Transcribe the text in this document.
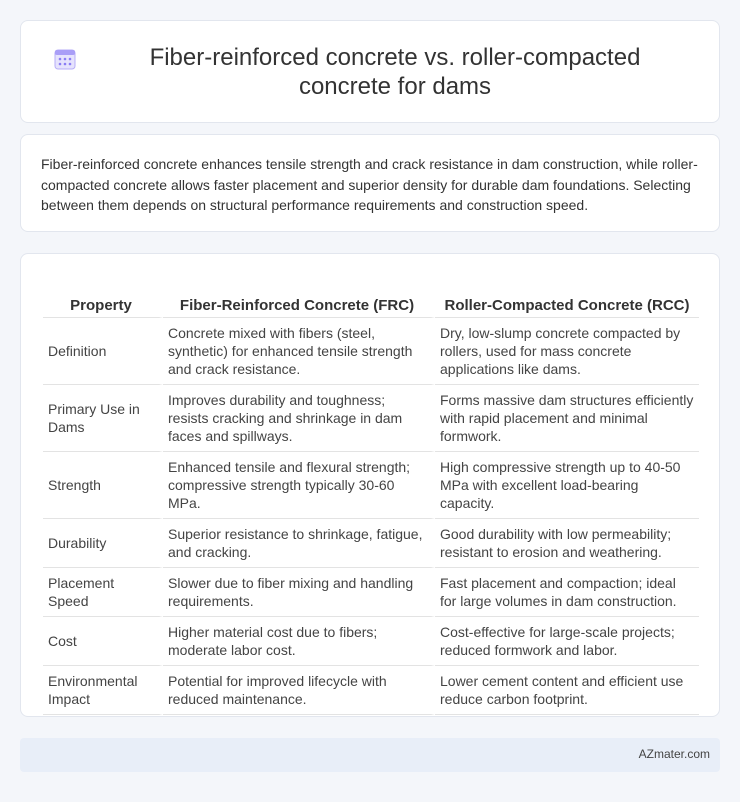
Fiber-reinforced concrete vs. roller-compacted concrete for dams

Fiber-reinforced concrete enhances tensile strength and crack resistance in dam construction, while roller-compacted concrete allows faster placement and superior density for durable dam foundations. Selecting between them depends on structural performance requirements and construction speed.

Property	Fiber-Reinforced Concrete (FRC)	Roller-Compacted Concrete (RCC)
Definition	Concrete mixed with fibers (steel, synthetic) for enhanced tensile strength and crack resistance.	Dry, low-slump concrete compacted by rollers, used for mass concrete applications like dams.
Primary Use in Dams	Improves durability and toughness; resists cracking and shrinkage in dam faces and spillways.	Forms massive dam structures efficiently with rapid placement and minimal formwork.
Strength	Enhanced tensile and flexural strength; compressive strength typically 30-60 MPa.	High compressive strength up to 40-50 MPa with excellent load-bearing capacity.
Durability	Superior resistance to shrinkage, fatigue, and cracking.	Good durability with low permeability; resistant to erosion and weathering.
Placement Speed	Slower due to fiber mixing and handling requirements.	Fast placement and compaction; ideal for large volumes in dam construction.
Cost	Higher material cost due to fibers; moderate labor cost.	Cost-effective for large-scale projects; reduced formwork and labor.
Environmental Impact	Potential for improved lifecycle with reduced maintenance.	Lower cement content and efficient use reduce carbon footprint.
AZmater.com
